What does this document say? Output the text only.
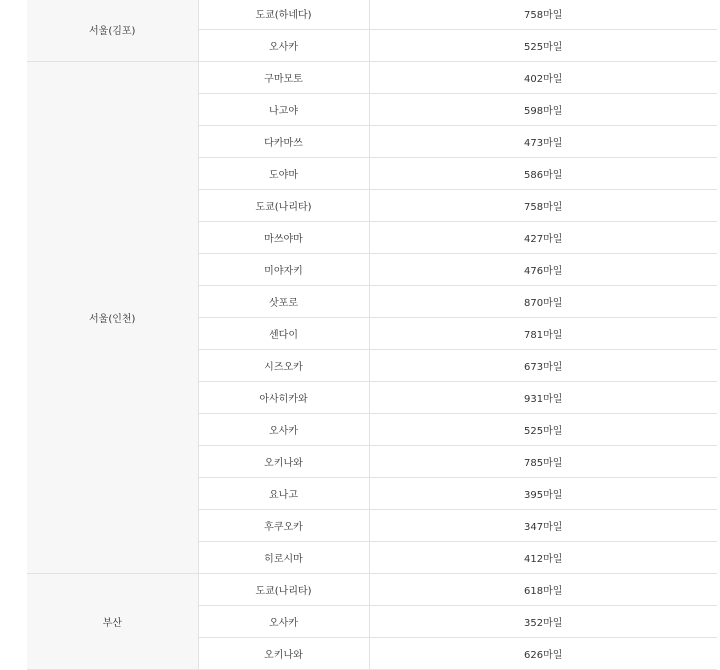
서울(김포)	도쿄(하네다)	758마일
	오사카	525마일
서울(인천)	구마모토	402마일
	나고야	598마일
	다카마쓰	473마일
	도야마	586마일
	도쿄(나리타)	758마일
	마쓰야마	427마일
	미야자키	476마일
	삿포로	870마일
	센다이	781마일
	시즈오카	673마일
	아사히카와	931마일
	오사카	525마일
	오키나와	785마일
	요나고	395마일
	후쿠오카	347마일
	히로시마	412마일
부산	도쿄(나리타)	618마일
	오사카	352마일
	오키나와	626마일
